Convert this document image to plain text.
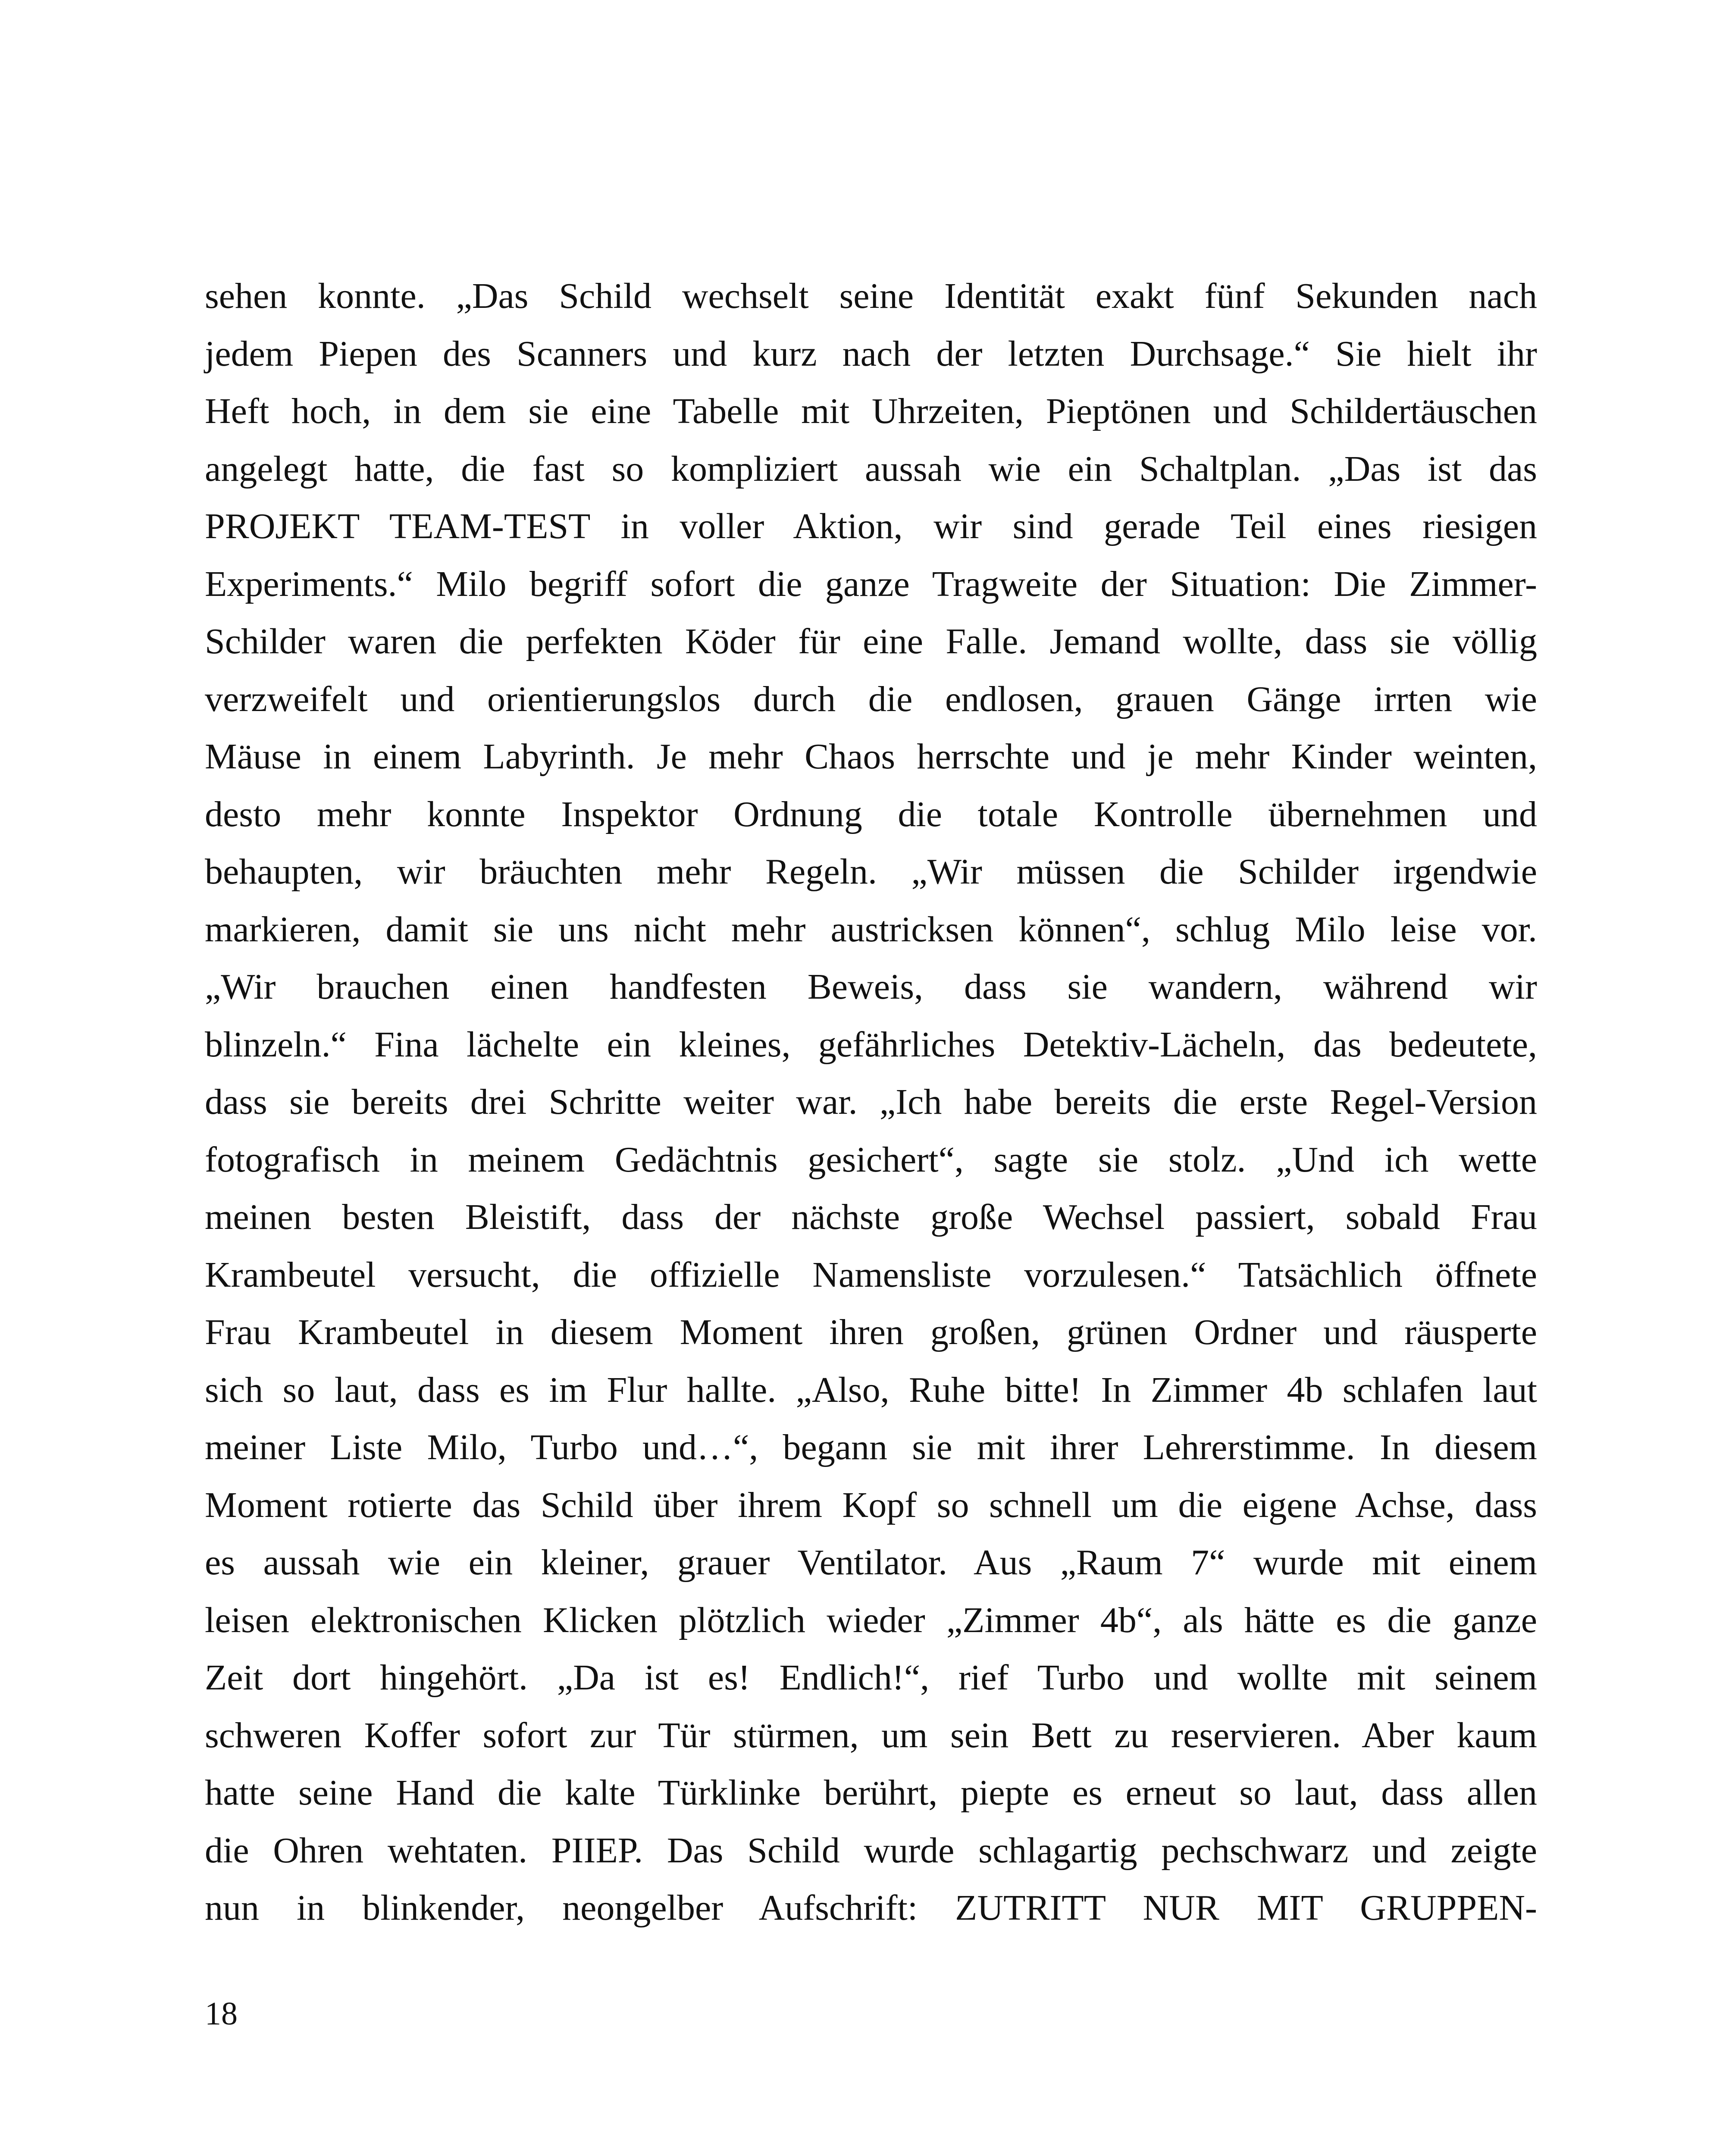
sehen konnte. „Das Schild wechselt seine Identität exakt fünf Sekunden nach
jedem Piepen des Scanners und kurz nach der letzten Durchsage.“ Sie hielt ihr
Heft hoch, in dem sie eine Tabelle mit Uhrzeiten, Pieptönen und Schildertäuschen
angelegt hatte, die fast so kompliziert aussah wie ein Schaltplan. „Das ist das
PROJEKT TEAM-TEST in voller Aktion, wir sind gerade Teil eines riesigen
Experiments.“ Milo begriff sofort die ganze Tragweite der Situation: Die Zimmer-
Schilder waren die perfekten Köder für eine Falle. Jemand wollte, dass sie völlig
verzweifelt und orientierungslos durch die endlosen, grauen Gänge irrten wie
Mäuse in einem Labyrinth. Je mehr Chaos herrschte und je mehr Kinder weinten,
desto mehr konnte Inspektor Ordnung die totale Kontrolle übernehmen und
behaupten, wir bräuchten mehr Regeln. „Wir müssen die Schilder irgendwie
markieren, damit sie uns nicht mehr austricksen können“, schlug Milo leise vor.
„Wir brauchen einen handfesten Beweis, dass sie wandern, während wir
blinzeln.“ Fina lächelte ein kleines, gefährliches Detektiv-Lächeln, das bedeutete,
dass sie bereits drei Schritte weiter war. „Ich habe bereits die erste Regel-Version
fotografisch in meinem Gedächtnis gesichert“, sagte sie stolz. „Und ich wette
meinen besten Bleistift, dass der nächste große Wechsel passiert, sobald Frau
Krambeutel versucht, die offizielle Namensliste vorzulesen.“ Tatsächlich öffnete
Frau Krambeutel in diesem Moment ihren großen, grünen Ordner und räusperte
sich so laut, dass es im Flur hallte. „Also, Ruhe bitte! In Zimmer 4b schlafen laut
meiner Liste Milo, Turbo und…“, begann sie mit ihrer Lehrerstimme. In diesem
Moment rotierte das Schild über ihrem Kopf so schnell um die eigene Achse, dass
es aussah wie ein kleiner, grauer Ventilator. Aus „Raum 7“ wurde mit einem
leisen elektronischen Klicken plötzlich wieder „Zimmer 4b“, als hätte es die ganze
Zeit dort hingehört. „Da ist es! Endlich!“, rief Turbo und wollte mit seinem
schweren Koffer sofort zur Tür stürmen, um sein Bett zu reservieren. Aber kaum
hatte seine Hand die kalte Türklinke berührt, piepte es erneut so laut, dass allen
die Ohren wehtaten. PIIEP. Das Schild wurde schlagartig pechschwarz und zeigte
nun in blinkender, neongelber Aufschrift: ZUTRITT NUR MIT GRUPPEN-
18
